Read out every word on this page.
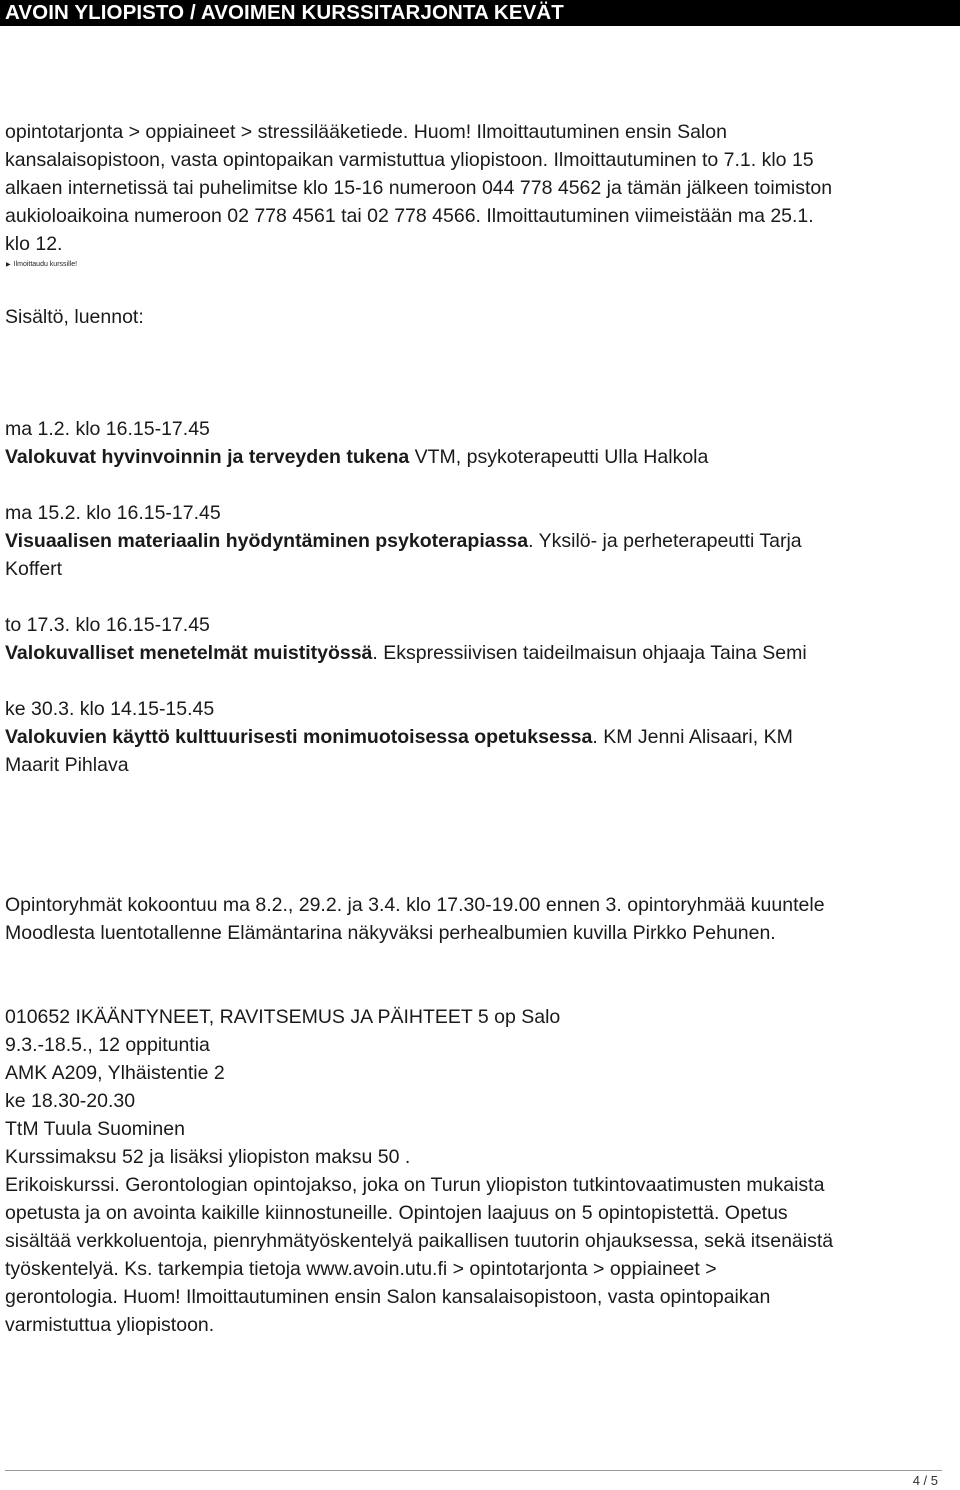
AVOIN YLIOPISTO / AVOIMEN KURSSITARJONTA KEVÄT

opintotarjonta > oppiaineet > stressilääketiede. Huom! Ilmoittautuminen ensin Salon

kansalaisopistoon, vasta opintopaikan varmistuttua yliopistoon. Ilmoittautuminen to 7.1. klo 15

alkaen internetissä tai puhelimitse klo 15-16 numeroon 044 778 4562 ja tämän jälkeen toimiston

aukioloaikoina numeroon 02 778 4561 tai 02 778 4566. Ilmoittautuminen viimeistään ma 25.1.

klo 12.

▶ Ilmoittaudu kurssille!

Sisältö, luennot:

ma 1.2. klo 16.15-17.45

Valokuvat hyvinvoinnin ja terveyden tukena VTM, psykoterapeutti Ulla Halkola

ma 15.2. klo 16.15-17.45

Visuaalisen materiaalin hyödyntäminen psykoterapiassa. Yksilö- ja perheterapeutti Tarja

Koffert

to 17.3. klo 16.15-17.45

Valokuvalliset menetelmät muistityössä. Ekspressiivisen taideilmaisun ohjaaja Taina Semi

ke 30.3. klo 14.15-15.45

Valokuvien käyttö kulttuurisesti monimuotoisessa opetuksessa. KM Jenni Alisaari, KM

Maarit Pihlava

Opintoryhmät kokoontuu ma 8.2., 29.2. ja 3.4. klo 17.30-19.00 ennen 3. opintoryhmää kuuntele

Moodlesta luentotallenne Elämäntarina näkyväksi perhealbumien kuvilla Pirkko Pehunen.

010652 IKÄÄNTYNEET, RAVITSEMUS JA PÄIHTEET 5 op Salo

9.3.-18.5., 12 oppituntia

AMK A209, Ylhäistentie 2

ke 18.30-20.30

TtM Tuula Suominen

Kurssimaksu 52 ja lisäksi yliopiston maksu 50 .

Erikoiskurssi. Gerontologian opintojakso, joka on Turun yliopiston tutkintovaatimusten mukaista

opetusta ja on avointa kaikille kiinnostuneille. Opintojen laajuus on 5 opintopistettä. Opetus

sisältää verkkoluentoja, pienryhmätyöskentelyä paikallisen tuutorin ohjauksessa, sekä itsenäistä

työskentelyä. Ks. tarkempia tietoja www.avoin.utu.fi > opintotarjonta > oppiaineet >

gerontologia. Huom! Ilmoittautuminen ensin Salon kansalaisopistoon, vasta opintopaikan

varmistuttua yliopistoon.

4 / 5
